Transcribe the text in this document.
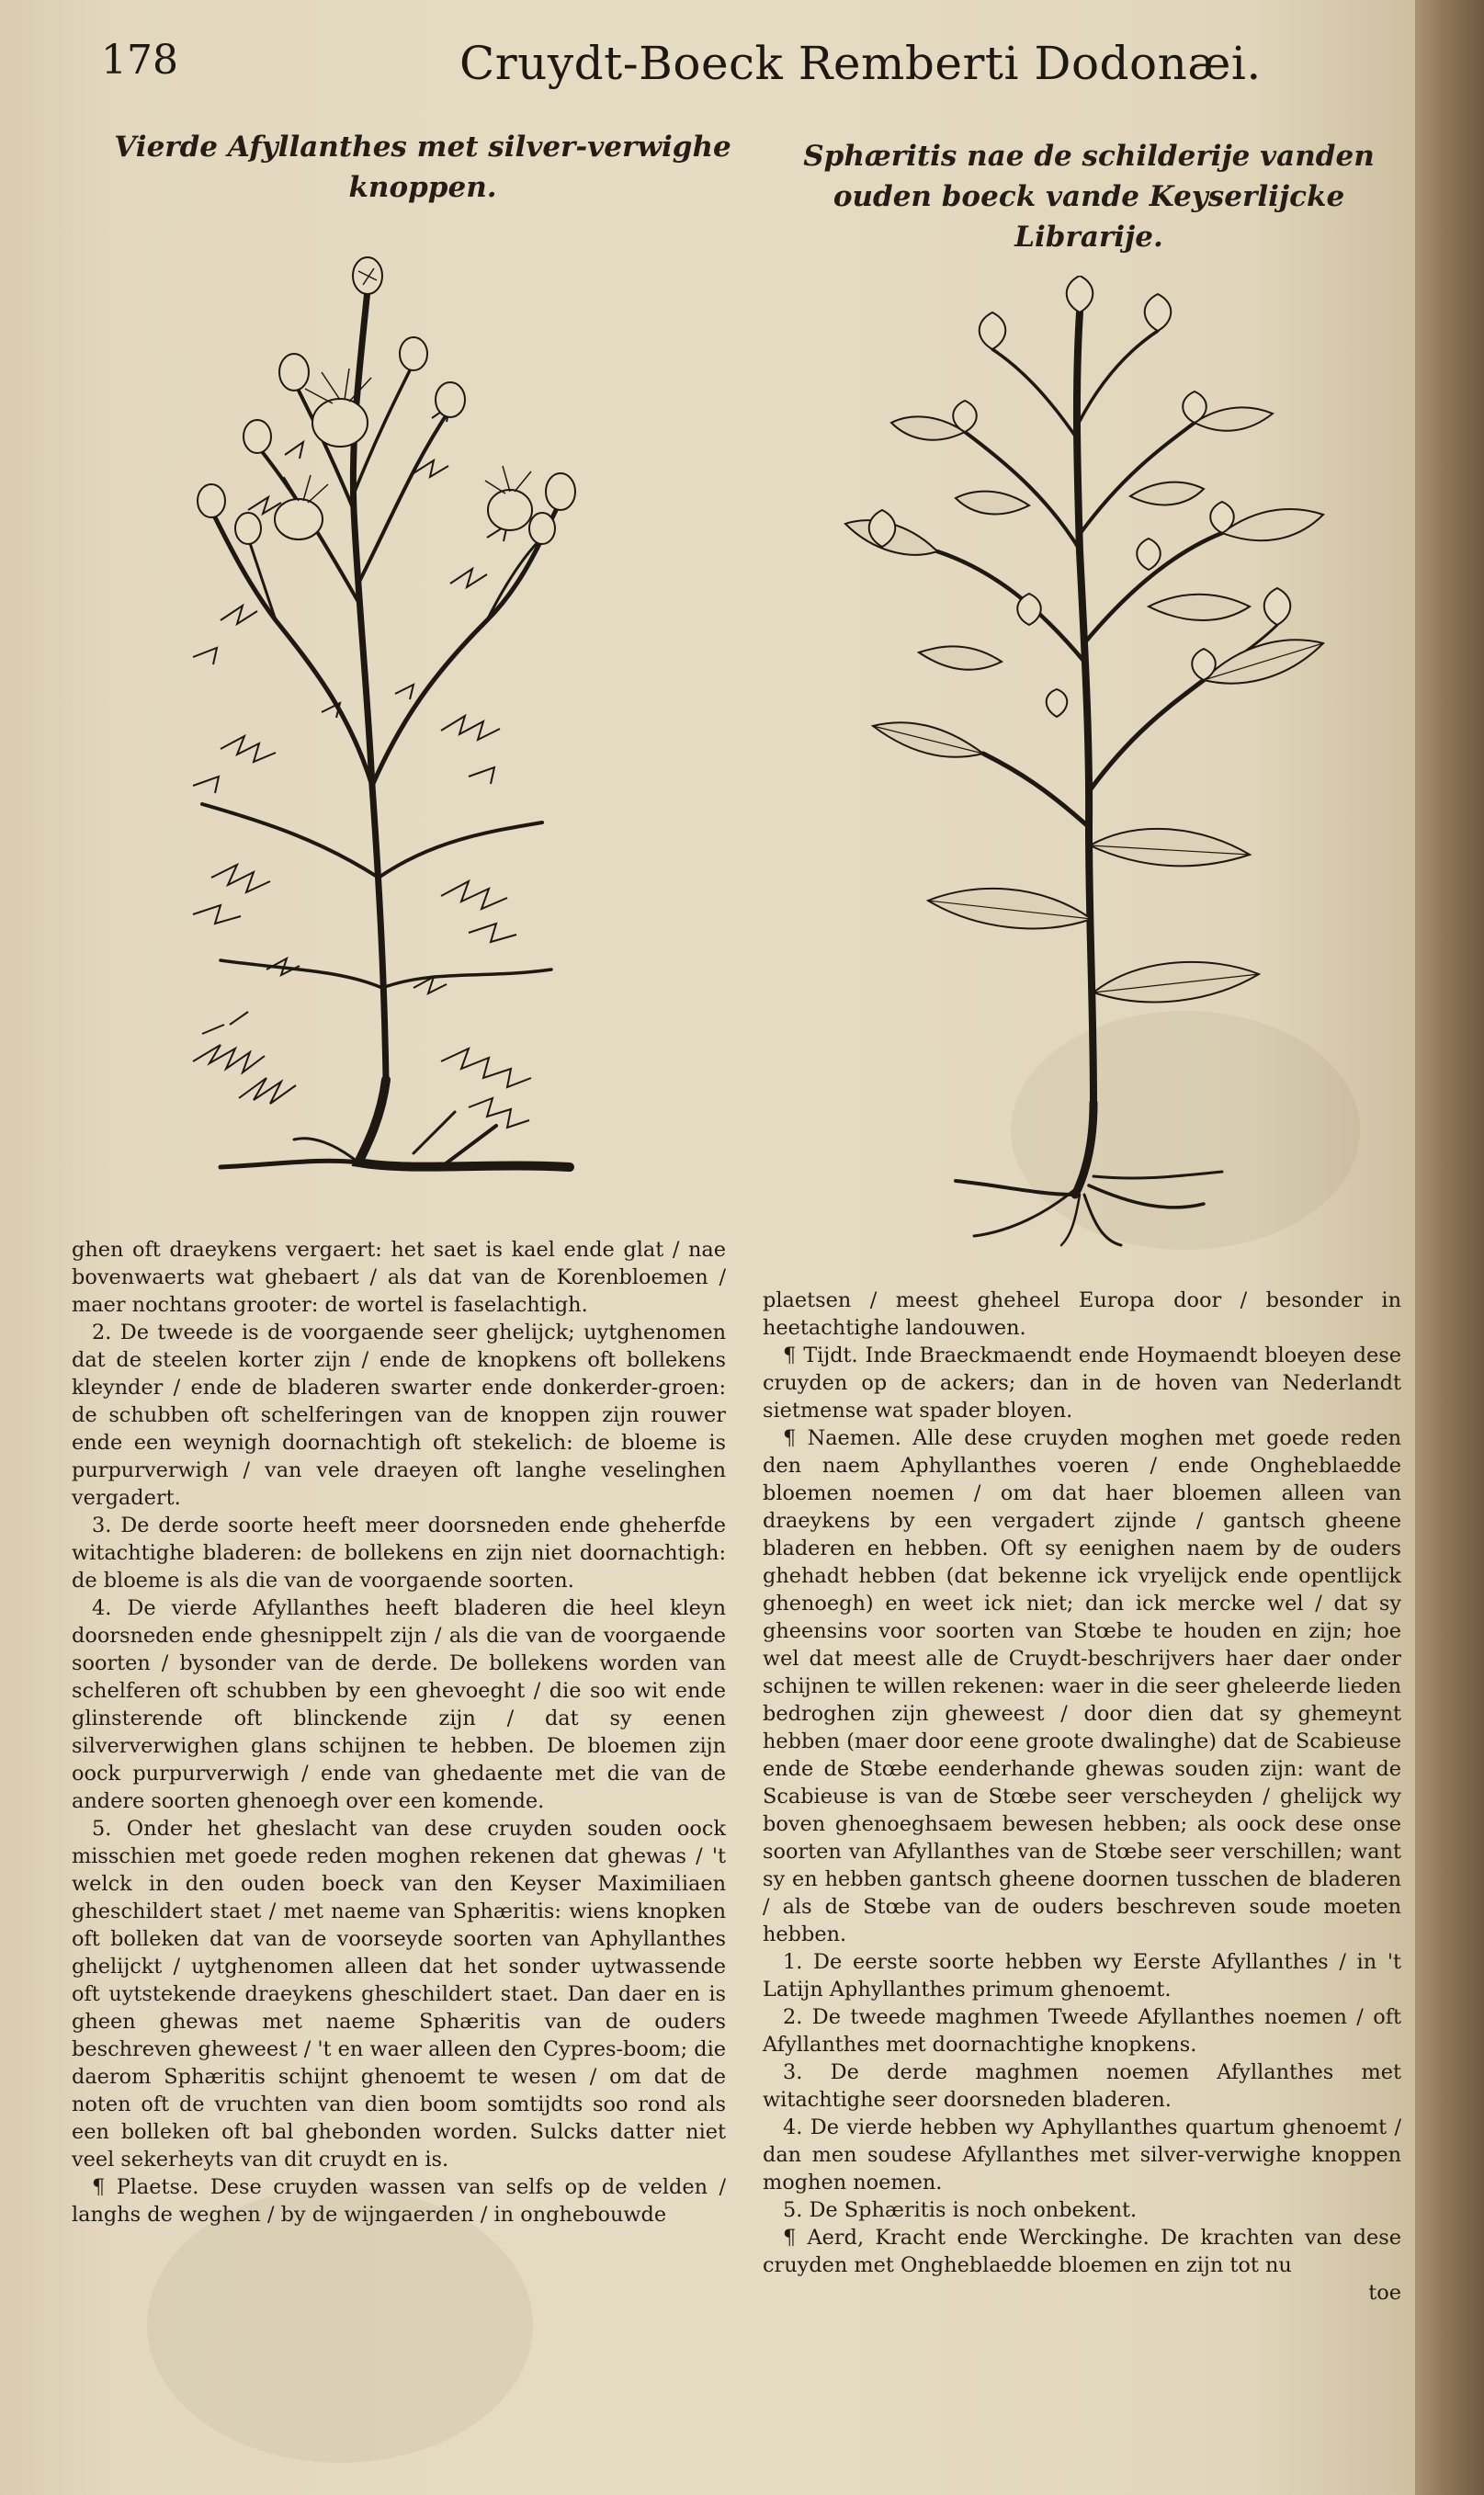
178	Cruydt-Boeck Remberti Dodonæi.
Vierde Afyllanthes met silver-verwighe knoppen.
Sphæritis nae de schilderije vanden ouden boeck vande Keyserlijcke Librarije.

ghen oft draeykens vergaert: het saet is kael ende glat / nae bovenwaerts wat ghebaert / als dat van de Korenbloemen / maer nochtans grooter: de wortel is faselachtigh.

2. De tweede is de voorgaende seer ghelijck; uytghenomen dat de steelen korter zijn / ende de knopkens oft bollekens kleynder / ende de bladeren swarter ende donkerder-groen: de schubben oft schelferingen van de knoppen zijn rouwer ende een weynigh doornachtigh oft stekelich: de bloeme is purpurverwigh / van vele draeyen oft langhe veselinghen vergadert.

3. De derde soorte heeft meer doorsneden ende gheherfde witachtighe bladeren: de bollekens en zijn niet doornachtigh: de bloeme is als die van de voorgaende soorten.

4. De vierde Afyllanthes heeft bladeren die heel kleyn doorsneden ende ghesnippelt zijn / als die van de voorgaende soorten / bysonder van de derde. De bollekens worden van schelferen oft schubben by een ghevoeght / die soo wit ende glinsterende oft blinckende zijn / dat sy eenen silververwighen glans schijnen te hebben. De bloemen zijn oock purpurverwigh / ende van ghedaente met die van de andere soorten ghenoegh over een komende.

5. Onder het gheslacht van dese cruyden souden oock misschien met goede reden moghen rekenen dat ghewas / 't welck in den ouden boeck van den Keyser Maximiliaen gheschildert staet / met naeme van Sphæritis: wiens knopken oft bolleken dat van de voorseyde soorten van Aphyllanthes ghelijckt / uytghenomen alleen dat het sonder uytwassende oft uytstekende draeykens gheschildert staet. Dan daer en is gheen ghewas met naeme Sphæritis van de ouders beschreven gheweest / 't en waer alleen den Cypres-boom; die daerom Sphæritis schijnt ghenoemt te wesen / om dat de noten oft de vruchten van dien boom somtijdts soo rond als een bolleken oft bal ghebonden worden. Sulcks datter niet veel sekerheyts van dit cruydt en is.

¶ Plaetse. Dese cruyden wassen van selfs op de velden / langhs de weghen / by de wijngaerden / in onghebouwde

plaetsen / meest gheheel Europa door / besonder in heetachtighe landouwen.

¶ Tijdt. Inde Braeckmaendt ende Hoymaendt bloeyen dese cruyden op de ackers; dan in de hoven van Nederlandt sietmense wat spader bloyen.

¶ Naemen. Alle dese cruyden moghen met goede reden den naem Aphyllanthes voeren / ende Ongheblaedde bloemen noemen / om dat haer bloemen alleen van draeykens by een vergadert zijnde / gantsch gheene bladeren en hebben. Oft sy eenighen naem by de ouders ghehadt hebben (dat bekenne ick vryelijck ende opentlijck ghenoegh) en weet ick niet; dan ick mercke wel / dat sy gheensins voor soorten van Stœbe te houden en zijn; hoe wel dat meest alle de Cruydt-beschrijvers haer daer onder schijnen te willen rekenen: waer in die seer gheleerde lieden bedroghen zijn gheweest / door dien dat sy ghemeynt hebben (maer door eene groote dwalinghe) dat de Scabieuse ende de Stœbe eenderhande ghewas souden zijn: want de Scabieuse is van de Stœbe seer verscheyden / ghelijck wy boven ghenoeghsaem bewesen hebben; als oock dese onse soorten van Afyllanthes van de Stœbe seer verschillen; want sy en hebben gantsch gheene doornen tusschen de bladeren / als de Stœbe van de ouders beschreven soude moeten hebben.

1. De eerste soorte hebben wy Eerste Afyllanthes / in 't Latijn Aphyllanthes primum ghenoemt.

2. De tweede maghmen Tweede Afyllanthes noemen / oft Afyllanthes met doornachtighe knopkens.

3. De derde maghmen noemen Afyllanthes met witachtighe seer doorsneden bladeren.

4. De vierde hebben wy Aphyllanthes quartum ghenoemt / dan men soudese Afyllanthes met silver-verwighe knoppen moghen noemen.

5. De Sphæritis is noch onbekent.

¶ Aerd, Kracht ende Werckinghe. De krachten van dese cruyden met Ongheblaedde bloemen en zijn tot nu

toe
